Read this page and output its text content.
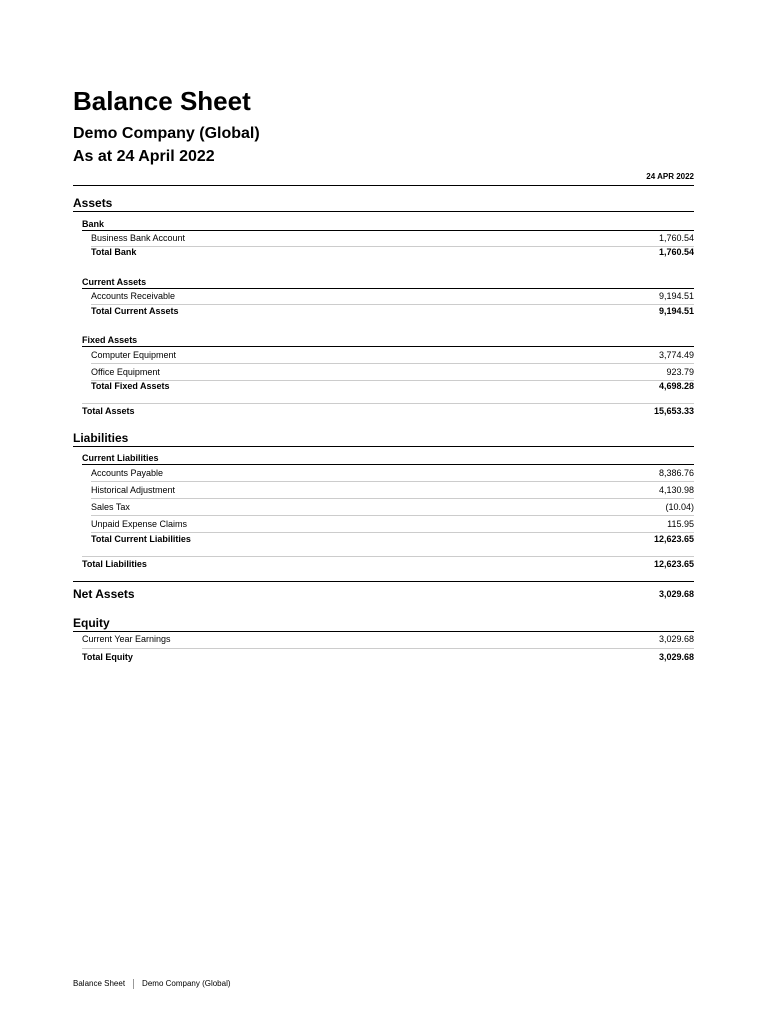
Balance Sheet
Demo Company (Global)
As at 24 April 2022
24 APR 2022
Assets
Bank
Business Bank Account	1,760.54
Total Bank	1,760.54
Current Assets
Accounts Receivable	9,194.51
Total Current Assets	9,194.51
Fixed Assets
Computer Equipment	3,774.49
Office Equipment	923.79
Total Fixed Assets	4,698.28
Total Assets	15,653.33
Liabilities
Current Liabilities
Accounts Payable	8,386.76
Historical Adjustment	4,130.98
Sales Tax	(10.04)
Unpaid Expense Claims	115.95
Total Current Liabilities	12,623.65
Total Liabilities	12,623.65
Net Assets	3,029.68
Equity
Current Year Earnings	3,029.68
Total Equity	3,029.68
Balance Sheet Demo Company (Global)
